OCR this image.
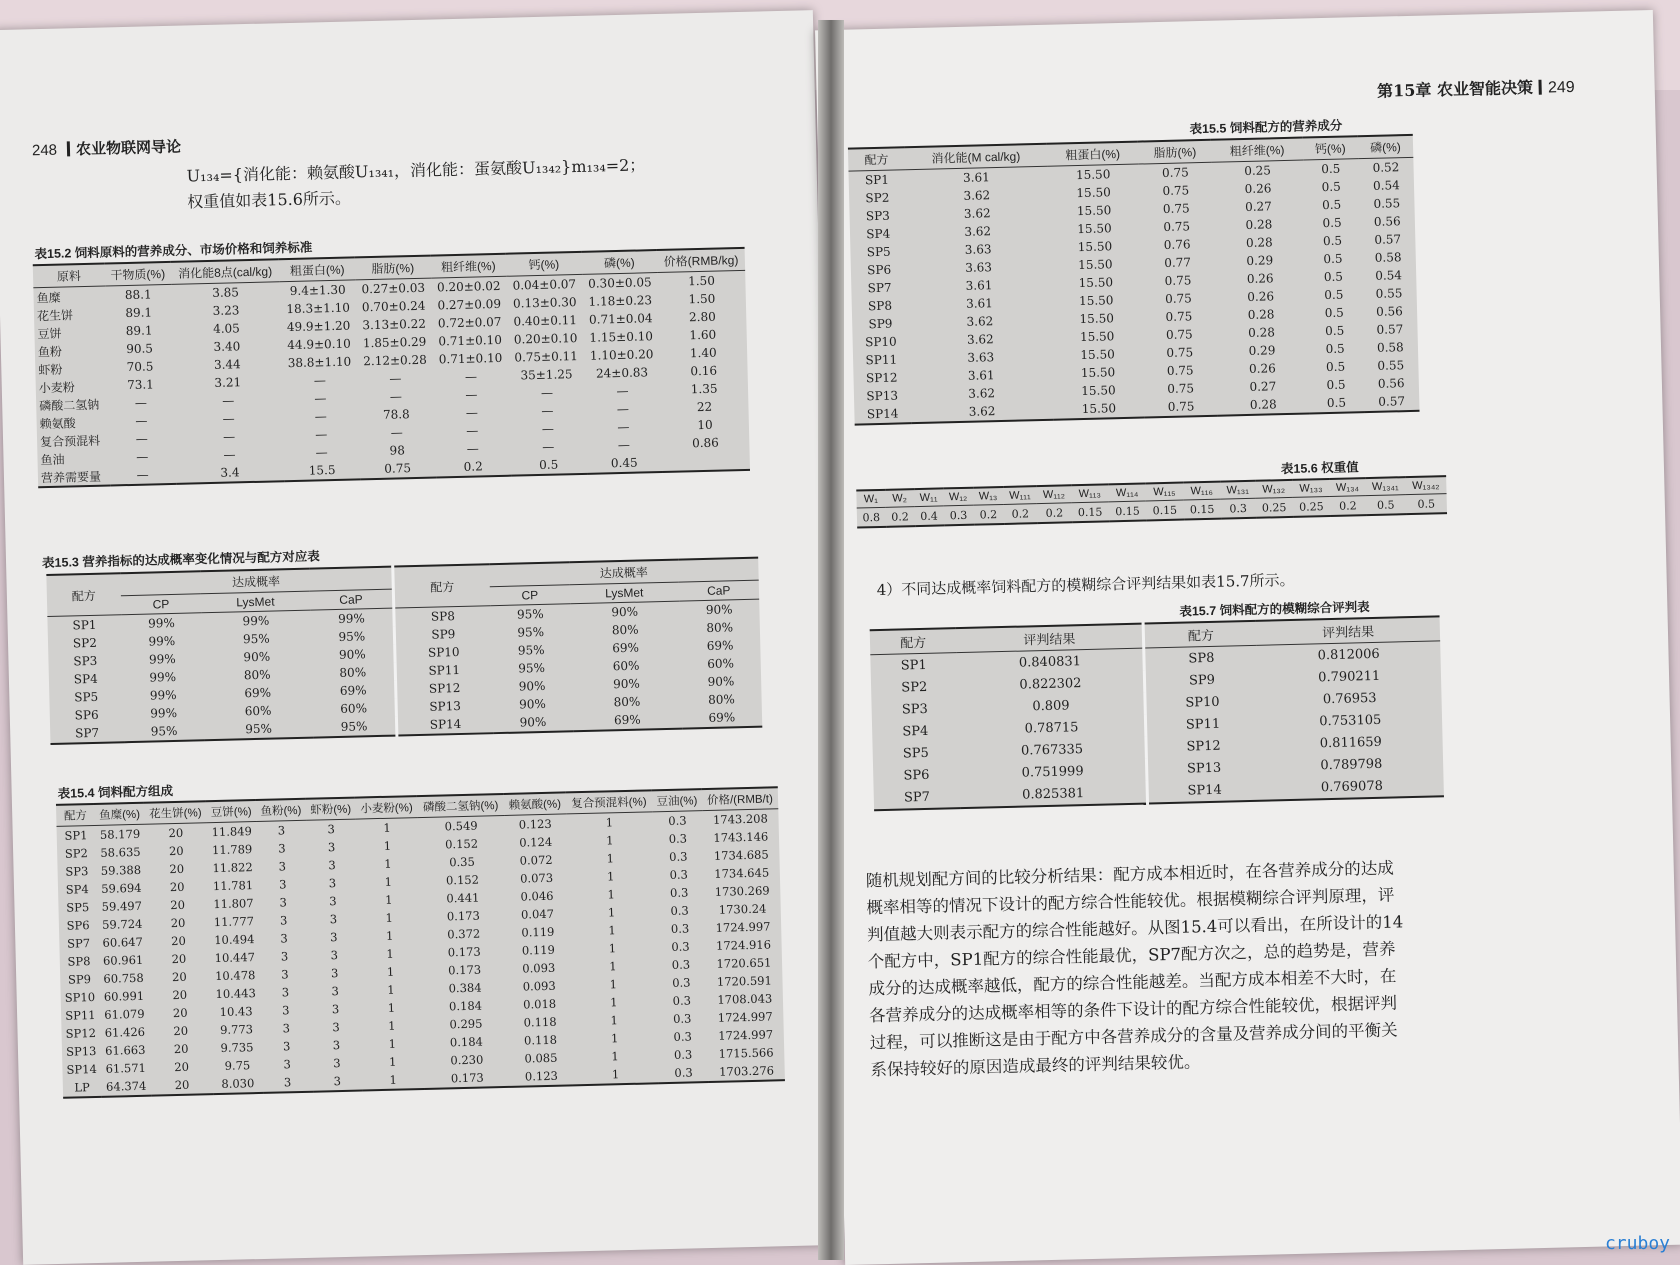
248 农业物联网导论
U₁₃₄={消化能：赖氨酸U₁₃₄₁，消化能：蛋氨酸U₁₃₄₂}m₁₃₄=2；
权重值如表15.6所示。
表15.2 饲料原料的营养成分、市场价格和饲养标准
原料	干物质(%)	消化能8点(cal/kg)	粗蛋白(%)	脂肪(%)	粗纤维(%)	钙(%)	磷(%)	价格(RMB/kg)
鱼糜	88.1	3.85	9.4±1.30	0.27±0.03	0.20±0.02	0.04±0.07	0.30±0.05	1.50
花生饼	89.1	3.23	18.3±1.10	0.70±0.24	0.27±0.09	0.13±0.30	1.18±0.23	1.50
豆饼	89.1	4.05	49.9±1.20	3.13±0.22	0.72±0.07	0.40±0.11	0.71±0.04	2.80
鱼粉	90.5	3.40	44.9±0.10	1.85±0.29	0.71±0.10	0.20±0.10	1.15±0.10	1.60
虾粉	70.5	3.44	38.8±1.10	2.12±0.28	0.71±0.10	0.75±0.11	1.10±0.20	1.40
小麦粉	73.1	3.21	—	—	—	35±1.25	24±0.83	0.16
磷酸二氢钠	—	—	—	—	—	—	—	1.35
赖氨酸	—	—	—	78.8	—	—	—	22
复合预混料	—	—	—	—	—	—	—	10
鱼油	—	—	—	98	—	—	—	0.86
营养需要量	—	3.4	15.5	0.75	0.2	0.5	0.45	
表15.3 营养指标的达成概率变化情况与配方对应表
配方	达成概率			配方	达成概率		
	CP	LysMet	CaP		CP	LysMet	CaP
SP1	99%	99%	99%	SP8	95%	90%	90%
SP2	99%	95%	95%	SP9	95%	80%	80%
SP3	99%	90%	90%	SP10	95%	69%	69%
SP4	99%	80%	80%	SP11	95%	60%	60%
SP5	99%	69%	69%	SP12	90%	90%	90%
SP6	99%	60%	60%	SP13	90%	80%	80%
SP7	95%	95%	95%	SP14	90%	69%	69%
表15.4 饲料配方组成
配方	鱼糜(%)	花生饼(%)	豆饼(%)	鱼粉(%)	虾粉(%)	小麦粉(%)	磷酸二氢钠(%)	赖氨酸(%)	复合预混料(%)	豆油(%)	价格/(RMB/t)
SP1	58.179	20	11.849	3	3	1	0.549	0.123	1	0.3	1743.208
SP2	58.635	20	11.789	3	3	1	0.152	0.124	1	0.3	1743.146
SP3	59.388	20	11.822	3	3	1	0.35	0.072	1	0.3	1734.685
SP4	59.694	20	11.781	3	3	1	0.152	0.073	1	0.3	1734.645
SP5	59.497	20	11.807	3	3	1	0.441	0.046	1	0.3	1730.269
SP6	59.724	20	11.777	3	3	1	0.173	0.047	1	0.3	1730.24
SP7	60.647	20	10.494	3	3	1	0.372	0.119	1	0.3	1724.997
SP8	60.961	20	10.447	3	3	1	0.173	0.119	1	0.3	1724.916
SP9	60.758	20	10.478	3	3	1	0.173	0.093	1	0.3	1720.651
SP10	60.991	20	10.443	3	3	1	0.384	0.093	1	0.3	1720.591
SP11	61.079	20	10.43	3	3	1	0.184	0.018	1	0.3	1708.043
SP12	61.426	20	9.773	3	3	1	0.295	0.118	1	0.3	1724.997
SP13	61.663	20	9.735	3	3	1	0.184	0.118	1	0.3	1724.997
SP14	61.571	20	9.75	3	3	1	0.230	0.085	1	0.3	1715.566
LP	64.374	20	8.030	3	3	1	0.173	0.123	1	0.3	1703.276
第15章 农业智能决策 249
表15.5 饲料配方的营养成分
配方	消化能(M cal/kg)	粗蛋白(%)	脂肪(%)	粗纤维(%)	钙(%)	磷(%)
SP1	3.61	15.50	0.75	0.25	0.5	0.52
SP2	3.62	15.50	0.75	0.26	0.5	0.54
SP3	3.62	15.50	0.75	0.27	0.5	0.55
SP4	3.62	15.50	0.75	0.28	0.5	0.56
SP5	3.63	15.50	0.76	0.28	0.5	0.57
SP6	3.63	15.50	0.77	0.29	0.5	0.58
SP7	3.61	15.50	0.75	0.26	0.5	0.54
SP8	3.61	15.50	0.75	0.26	0.5	0.55
SP9	3.62	15.50	0.75	0.28	0.5	0.56
SP10	3.62	15.50	0.75	0.28	0.5	0.57
SP11	3.63	15.50	0.75	0.29	0.5	0.58
SP12	3.61	15.50	0.75	0.26	0.5	0.55
SP13	3.62	15.50	0.75	0.27	0.5	0.56
SP14	3.62	15.50	0.75	0.28	0.5	0.57
表15.6 权重值
W₁	W₂	W₁₁	W₁₂	W₁₃	W₁₁₁	W₁₁₂	W₁₁₃	W₁₁₄	W₁₁₅	W₁₁₆	W₁₃₁	W₁₃₂	W₁₃₃	W₁₃₄	W₁₃₄₁	W₁₃₄₂
0.8	0.2	0.4	0.3	0.2	0.2	0.2	0.15	0.15	0.15	0.15	0.3	0.25	0.25	0.2	0.5	0.5
4）不同达成概率饲料配方的模糊综合评判结果如表15.7所示。
表15.7 饲料配方的模糊综合评判表
配方	评判结果	配方	评判结果
SP1	0.840831	SP8	0.812006
SP2	0.822302	SP9	0.790211
SP3	0.809	SP10	0.76953
SP4	0.78715	SP11	0.753105
SP5	0.767335	SP12	0.811659
SP6	0.751999	SP13	0.789798
SP7	0.825381	SP14	0.769078
随机规划配方间的比较分析结果：配方成本相近时，在各营养成分的达成概率相等的情况下设计的配方综合性能较优。根据模糊综合评判原理，评判值越大则表示配方的综合性能越好。从图15.4可以看出，在所设计的14个配方中，SP1配方的综合性能最优，SP7配方次之，总的趋势是，营养成分的达成概率越低，配方的综合性能越差。当配方成本相差不大时，在各营养成分的达成概率相等的条件下设计的配方综合性能较优，根据评判过程，可以推断这是由于配方中各营养成分的含量及营养成分间的平衡关系保持较好的原因造成最终的评判结果较优。
cruboy
